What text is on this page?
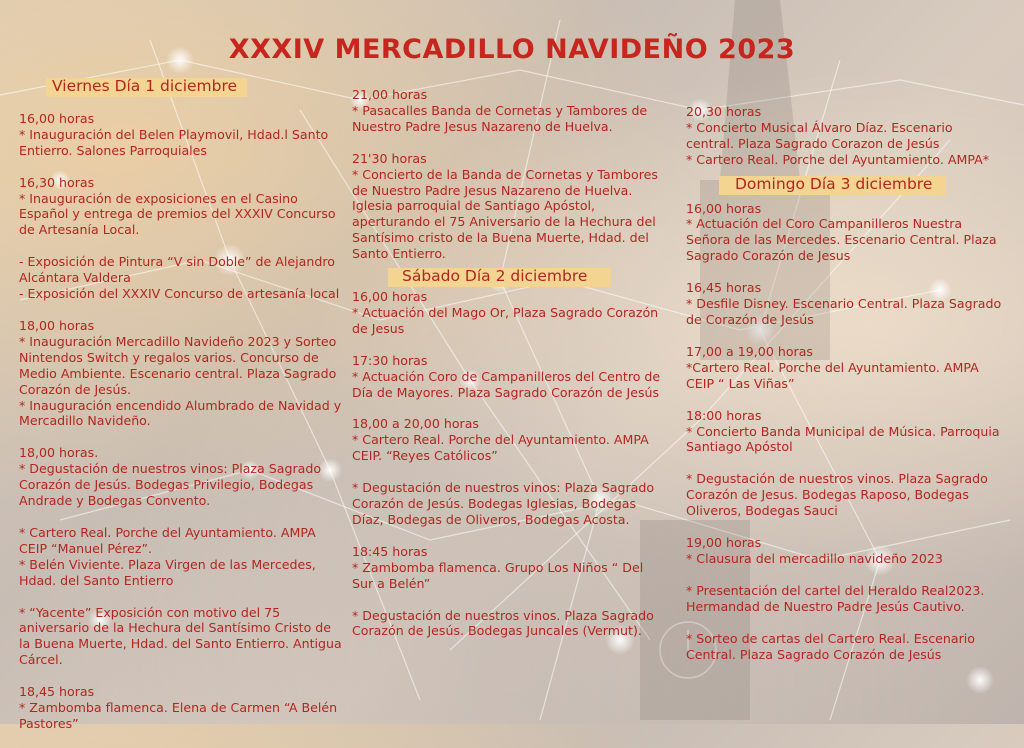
XXXIV MERCADILLO NAVIDEÑO 2023
Viernes Día 1 diciembre

16,00 horas
* Inauguración del Belen Playmovil, Hdad.l Santo Entierro. Salones Parroquiales

16,30 horas
* Inauguración de exposiciones en el Casino Español y entrega de premios del XXXIV Concurso de Artesanía Local.

- Exposición de Pintura “V sin Doble” de Alejandro Alcántara Valdera
- Exposición del XXXIV Concurso de artesanía local

18,00 horas
* Inauguración Mercadillo Navideño 2023 y Sorteo Nintendos Switch y regalos varios. Concurso de Medio Ambiente. Escenario central. Plaza Sagrado Corazón de Jesús.
* Inauguración encendido Alumbrado de Navidad y Mercadillo Navideño.

18,00 horas.
* Degustación de nuestros vinos: Plaza Sagrado Corazón de Jesús. Bodegas Privilegio, Bodegas Andrade y Bodegas Convento.

* Cartero Real. Porche del Ayuntamiento. AMPA CEIP “Manuel Pérez”.
* Belén Viviente. Plaza Virgen de las Mercedes, Hdad. del Santo Entierro

* “Yacente” Exposición con motivo del 75 aniversario de la Hechura del Santísimo Cristo de la Buena Muerte, Hdad. del Santo Entierro. Antigua Cárcel.

18,45 horas
* Zambomba flamenca. Elena de Carmen “A Belén Pastores”

21,00 horas
* Pasacalles Banda de Cornetas y Tambores de Nuestro Padre Jesus Nazareno de Huelva.

21'30 horas
* Concierto de la Banda de Cornetas y Tambores de Nuestro Padre Jesus Nazareno de Huelva. Iglesia parroquial de Santiago Apóstol, aperturando el 75 Aniversario de la Hechura del Santísimo cristo de la Buena Muerte, Hdad. del Santo Entierro.

Sábado Día 2 diciembre

16,00 horas
* Actuación del Mago Or, Plaza Sagrado Corazón de Jesus

17:30 horas
* Actuación Coro de Campanilleros del Centro de Día de Mayores. Plaza Sagrado Corazón de Jesús

18,00 a 20,00 horas
* Cartero Real. Porche del Ayuntamiento. AMPA CEIP. “Reyes Católicos”

* Degustación de nuestros vinos: Plaza Sagrado Corazón de Jesús. Bodegas Iglesias, Bodegas Díaz, Bodegas de Oliveros, Bodegas Acosta.

18:45 horas
* Zambomba flamenca. Grupo Los Niños “ Del Sur a Belén”

* Degustación de nuestros vinos. Plaza Sagrado Corazón de Jesús. Bodegas Juncales (Vermut).

20,30 horas
* Concierto Musical Álvaro Díaz. Escenario central. Plaza Sagrado Corazon de Jesús
* Cartero Real. Porche del Ayuntamiento. AMPA*

Domingo Día 3 diciembre

16,00 horas
* Actuación del Coro Campanilleros Nuestra Señora de las Mercedes. Escenario Central. Plaza Sagrado Corazón de Jesus

16,45 horas
* Desfile Disney. Escenario Central. Plaza Sagrado de Corazón de Jesús

17,00 a 19,00 horas
*Cartero Real. Porche del Ayuntamiento. AMPA CEIP “ Las Viñas”

18:00 horas
* Concierto Banda Municipal de Música. Parroquia Santiago Apóstol

* Degustación de nuestros vinos. Plaza Sagrado Corazón de Jesus. Bodegas Raposo, Bodegas Oliveros, Bodegas Sauci

19,00 horas
* Clausura del mercadillo navideño 2023

* Presentación del cartel del Heraldo Real2023. Hermandad de Nuestro Padre Jesús Cautivo.

* Sorteo de cartas del Cartero Real. Escenario Central. Plaza Sagrado Corazón de Jesús
